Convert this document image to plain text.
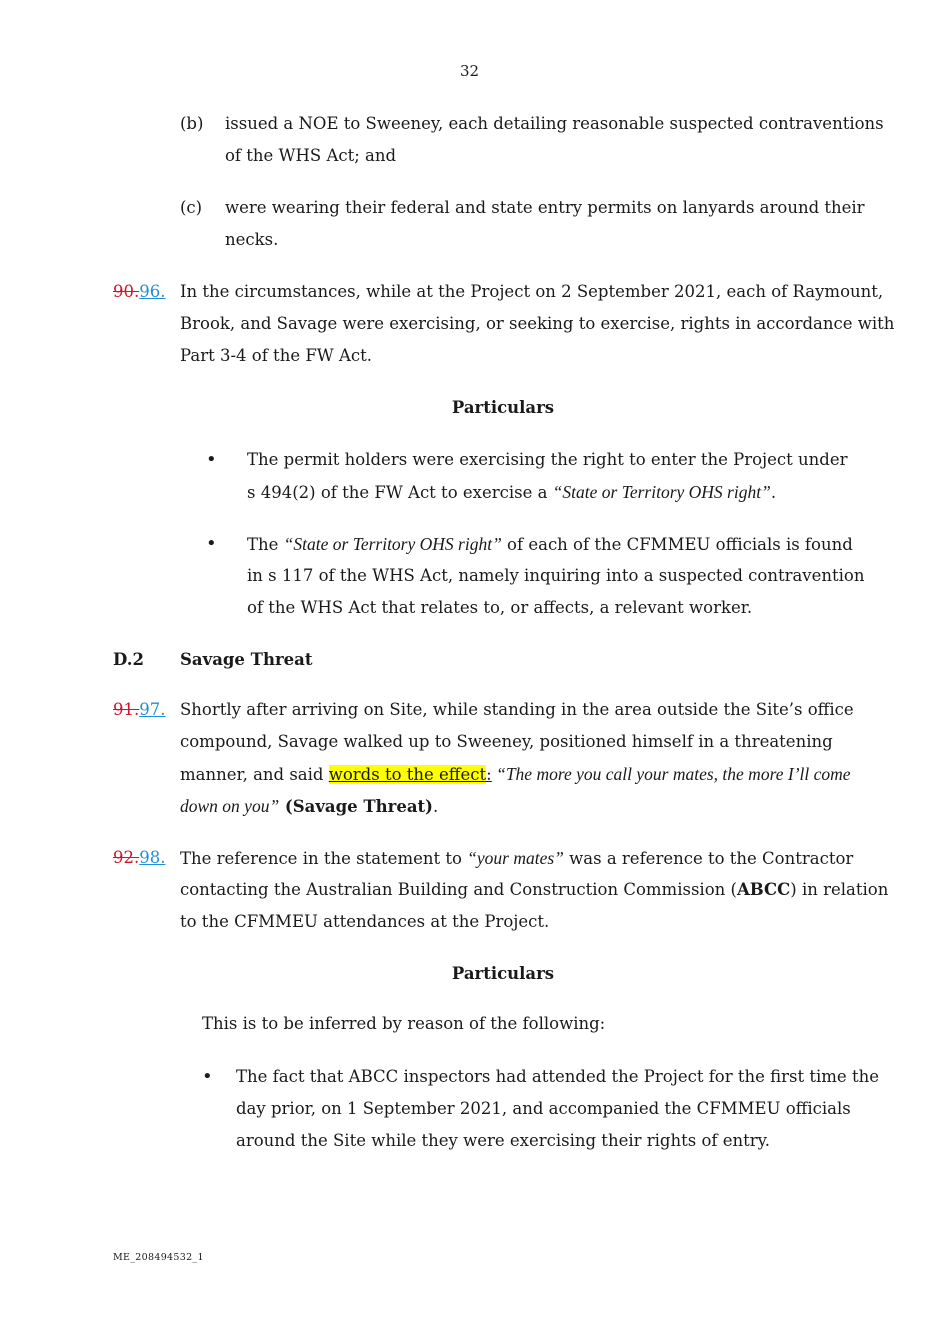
32
(b) issued a NOE to Sweeney, each detailing reasonable suspected contraventions
of the WHS Act; and
(c) were wearing their federal and state entry permits on lanyards around their
necks.
90.96. In the circumstances, while at the Project on 2 September 2021, each of Raymount,
Brook, and Savage were exercising, or seeking to exercise, rights in accordance with
Part 3-4 of the FW Act.
Particulars
• The permit holders were exercising the right to enter the Project under
s 494(2) of the FW Act to exercise a “State or Territory OHS right”.
• The “State or Territory OHS right” of each of the CFMMEU officials is found
in s 117 of the WHS Act, namely inquiring into a suspected contravention
of the WHS Act that relates to, or affects, a relevant worker.
D.2 Savage Threat
91.97. Shortly after arriving on Site, while standing in the area outside the Site’s office
compound, Savage walked up to Sweeney, positioned himself in a threatening
manner, and said words to the effect: “The more you call your mates, the more I’ll come
down on you” (Savage Threat).
92.98. The reference in the statement to “your mates” was a reference to the Contractor
contacting the Australian Building and Construction Commission (ABCC) in relation
to the CFMMEU attendances at the Project.
Particulars
This is to be inferred by reason of the following:
• The fact that ABCC inspectors had attended the Project for the first time the
day prior, on 1 September 2021, and accompanied the CFMMEU officials
around the Site while they were exercising their rights of entry.
ME_208494532_1
